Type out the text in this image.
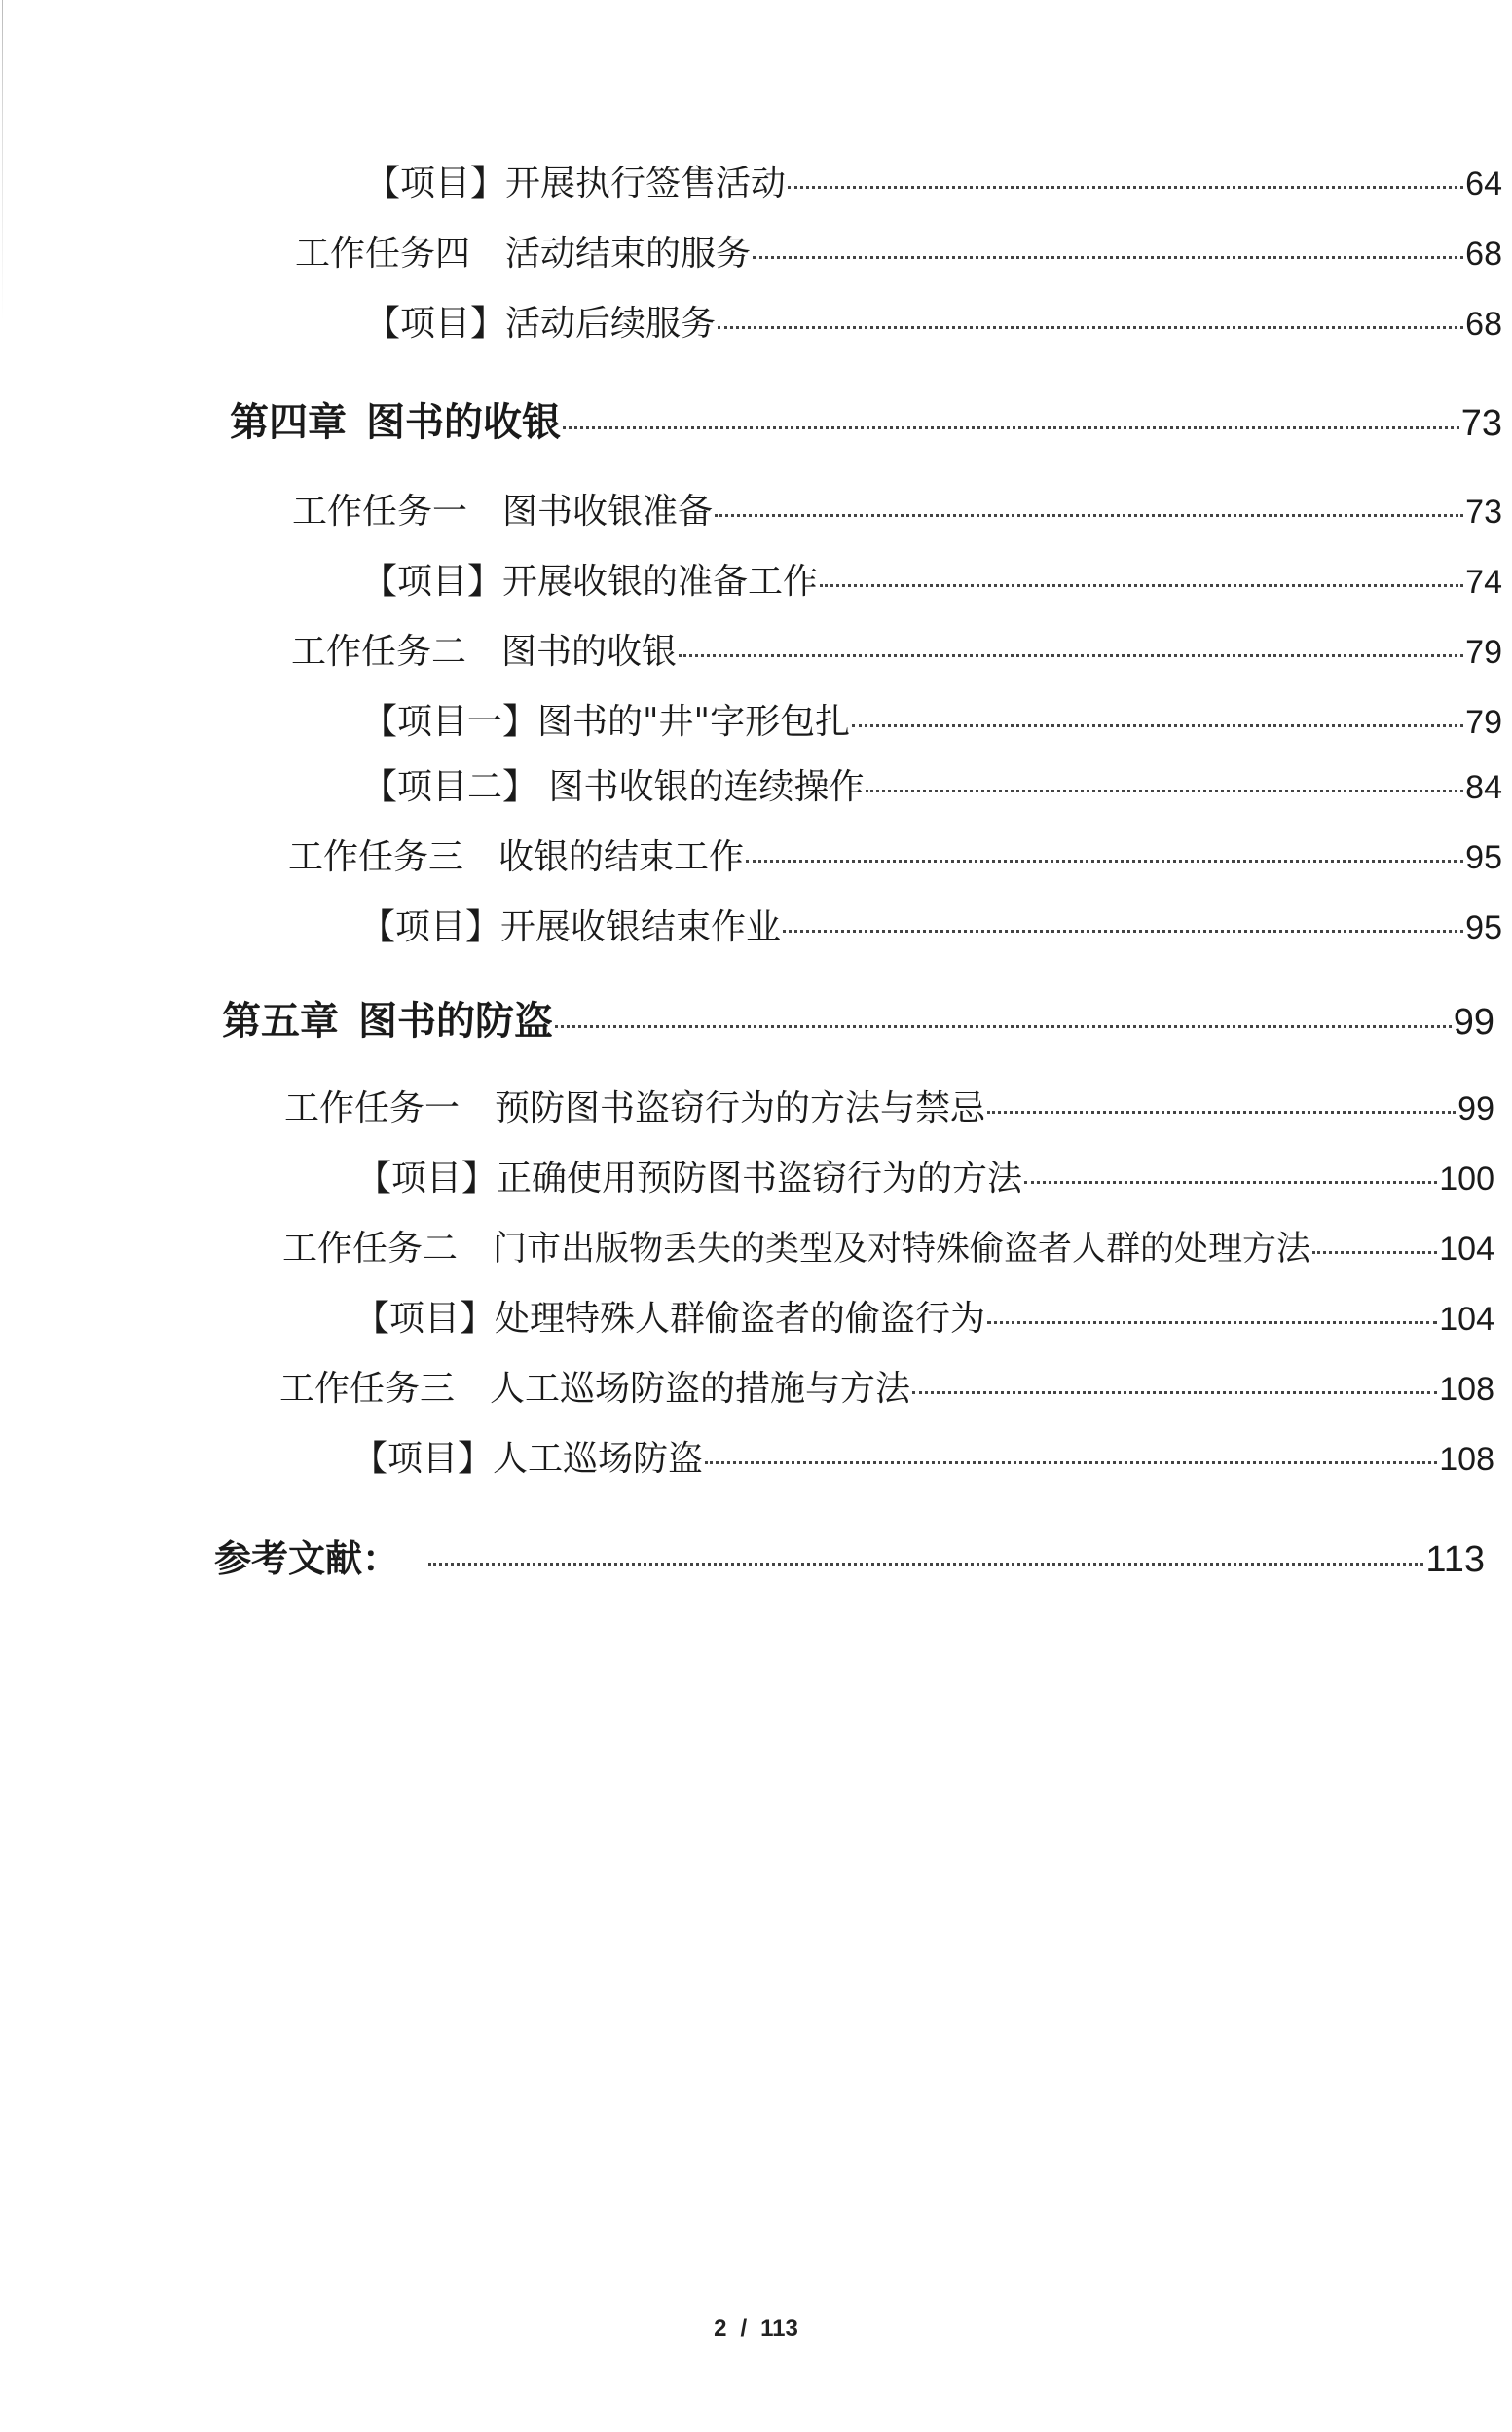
【项目】开展执行签售活动	64
工作任务四 活动结束的服务	68
【项目】活动后续服务	68
第四章 图书的收银	73
工作任务一 图书收银准备	73
【项目】开展收银的准备工作	74
工作任务二 图书的收银	79
【项目一】图书的"井"字形包扎	79
【项目二】 图书收银的连续操作	84
工作任务三 收银的结束工作	95
【项目】开展收银结束作业	95
第五章 图书的防盗	99
工作任务一 预防图书盗窃行为的方法与禁忌	99
【项目】正确使用预防图书盗窃行为的方法	100
工作任务二 门市出版物丢失的类型及对特殊偷盗者人群的处理方法	104
【项目】处理特殊人群偷盗者的偷盗行为	104
工作任务三 人工巡场防盗的措施与方法	108
【项目】人工巡场防盗	108
参考文献：	113
2 / 113
